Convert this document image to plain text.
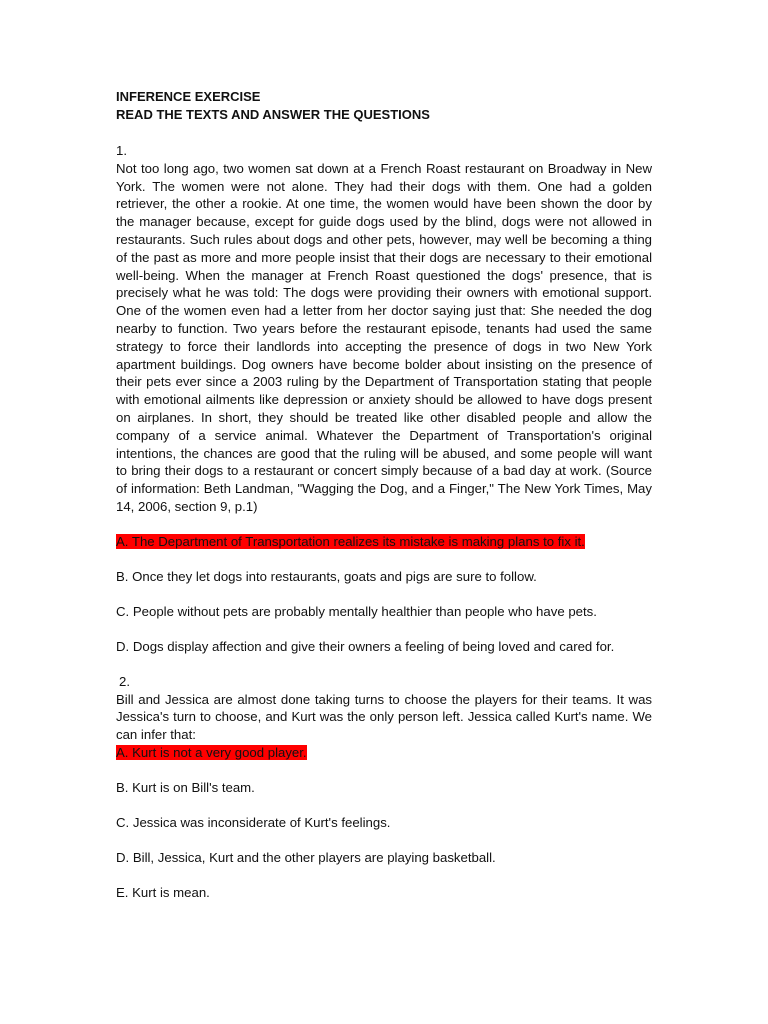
INFERENCE EXERCISE

READ THE TEXTS AND ANSWER THE QUESTIONS

1.

Not too long ago, two women sat down at a French Roast restaurant on Broadway in New York. The women were not alone. They had their dogs with them. One had a golden retriever, the other a rookie. At one time, the women would have been shown the door by the manager because, except for guide dogs used by the blind, dogs were not allowed in restaurants. Such rules about dogs and other pets, however, may well be becoming a thing of the past as more and more people insist that their dogs are necessary to their emotional well-being. When the manager at French Roast questioned the dogs' presence, that is precisely what he was told: The dogs were providing their owners with emotional support. One of the women even had a letter from her doctor saying just that: She needed the dog nearby to function. Two years before the restaurant episode, tenants had used the same strategy to force their landlords into accepting the presence of dogs in two New York apartment buildings. Dog owners have become bolder about insisting on the presence of their pets ever since a 2003 ruling by the Department of Transportation stating that people with emotional ailments like depression or anxiety should be allowed to have dogs present on airplanes. In short, they should be treated like other disabled people and allow the company of a service animal. Whatever the Department of Transportation's original intentions, the chances are good that the ruling will be abused, and some people will want to bring their dogs to a restaurant or concert simply because of a bad day at work. (Source of information: Beth Landman, "Wagging the Dog, and a Finger," The New York Times, May 14, 2006, section 9, p.1)

A. The Department of Transportation realizes its mistake is making plans to fix it.

B. Once they let dogs into restaurants, goats and pigs are sure to follow.

C. People without pets are probably mentally healthier than people who have pets.

D. Dogs display affection and give their owners a feeling of being loved and cared for.

2.

Bill and Jessica are almost done taking turns to choose the players for their teams. It was Jessica's turn to choose, and Kurt was the only person left. Jessica called Kurt's name. We can infer that:

A. Kurt is not a very good player.

B. Kurt is on Bill's team.

C. Jessica was inconsiderate of Kurt's feelings.

D. Bill, Jessica, Kurt and the other players are playing basketball.

E. Kurt is mean.
